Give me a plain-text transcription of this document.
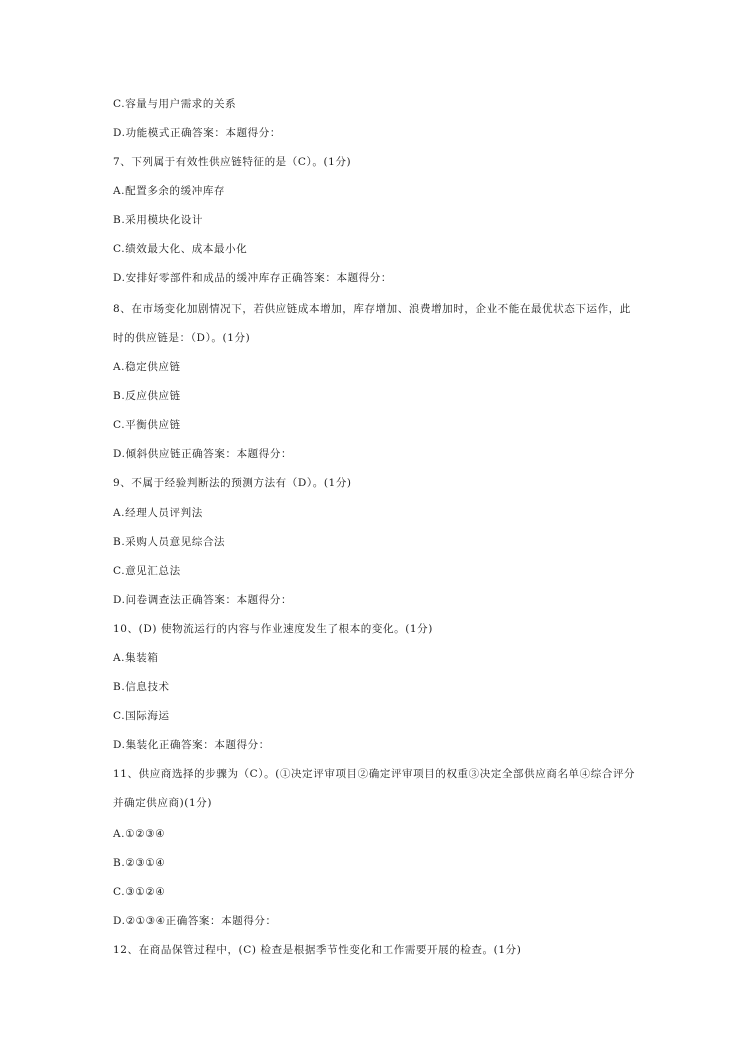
C.容量与用户需求的关系
D.功能模式正确答案：本题得分：
7、下列属于有效性供应链特征的是（C）。(1分)
A.配置多余的缓冲库存
B.采用模块化设计
C.绩效最大化、成本最小化
D.安排好零部件和成品的缓冲库存正确答案：本题得分：
8、在市场变化加剧情况下，若供应链成本增加，库存增加、浪费增加时，企业不能在最优状态下运作，此
时的供应链是：（D）。(1分)
A.稳定供应链
B.反应供应链
C.平衡供应链
D.倾斜供应链正确答案：本题得分：
9、不属于经验判断法的预测方法有（D）。(1分)
A.经理人员评判法
B.采购人员意见综合法
C.意见汇总法
D.问卷调查法正确答案：本题得分：
10、(D) 使物流运行的内容与作业速度发生了根本的变化。(1分)
A.集装箱
B.信息技术
C.国际海运
D.集装化正确答案：本题得分：
11、供应商选择的步骤为（C）。(①决定评审项目②确定评审项目的权重③决定全部供应商名单④综合评分
并确定供应商)(1分)
A.①②③④
B.②③①④
C.③①②④
D.②①③④正确答案：本题得分：
12、在商品保管过程中，(C) 检查是根据季节性变化和工作需要开展的检查。(1分)
